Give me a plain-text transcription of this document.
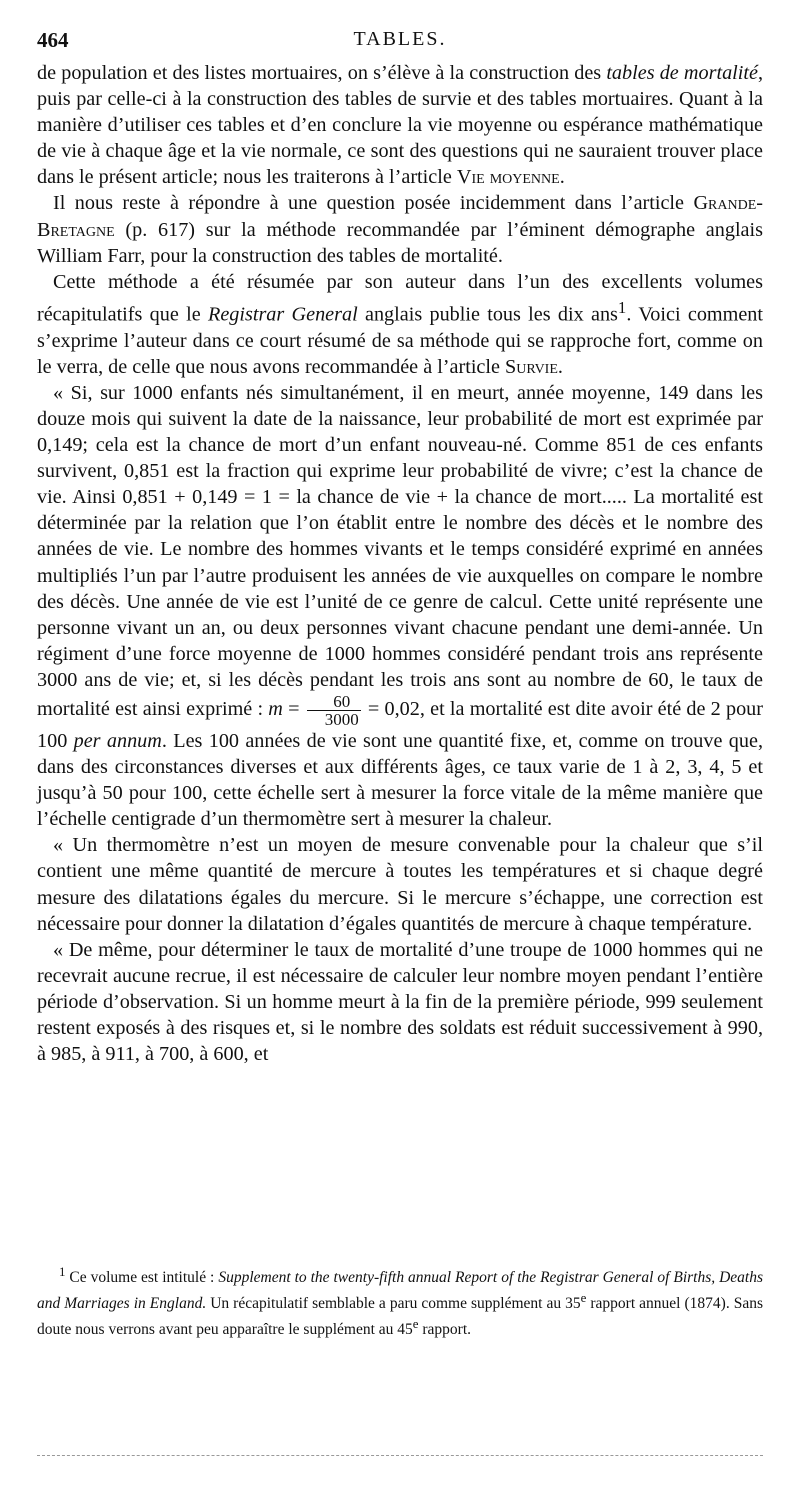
464	TABLES.

de population et des listes mortuaires, on s’élève à la construction des tables de mortalité, puis par celle-ci à la construction des tables de survie et des tables mortuaires. Quant à la manière d’utiliser ces tables et d’en conclure la vie moyenne ou espérance mathématique de vie à chaque âge et la vie normale, ce sont des questions qui ne sauraient trouver place dans le présent article; nous les traiterons à l’article Vie moyenne.

Il nous reste à répondre à une question posée incidemment dans l’article Grande-Bretagne (p. 617) sur la méthode recommandée par l’éminent démographe anglais William Farr, pour la construction des tables de mortalité.

Cette méthode a été résumée par son auteur dans l’un des excellents volumes récapitulatifs que le Registrar General anglais publie tous les dix ans$^1$. Voici comment s’exprime l’auteur dans ce court résumé de sa méthode qui se rapproche fort, comme on le verra, de celle que nous avons recommandée à l’article Survie.

« Si, sur 1000 enfants nés simultanément, il en meurt, année moyenne, 149 dans les douze mois qui suivent la date de la naissance, leur probabilité de mort est exprimée par 0,149; cela est la chance de mort d’un enfant nouveau-né. Comme 851 de ces enfants survivent, 0,851 est la fraction qui exprime leur probabilité de vivre; c’est la chance de vie. Ainsi 0,851 + 0,149 = 1 = la chance de vie + la chance de mort..... La mortalité est déterminée par la relation que l’on établit entre le nombre des décès et le nombre des années de vie. Le nombre des hommes vivants et le temps considéré exprimé en années multipliés l’un par l’autre produisent les années de vie auxquelles on compare le nombre des décès. Une année de vie est l’unité de ce genre de calcul. Cette unité représente une personne vivant un an, ou deux personnes vivant chacune pendant une demi-année. Un régiment d’une force moyenne de 1000 hommes considéré pendant trois ans représente 3000 ans de vie; et, si les décès pendant les trois ans sont au nombre de 60, le taux de mortalité est ainsi exprimé : $m = \frac{60}{3000} = 0,02$, et la mortalité est dite avoir été de 2 pour 100 per annum. Les 100 années de vie sont une quantité fixe, et, comme on trouve que, dans des circonstances diverses et aux différents âges, ce taux varie de 1 à 2, 3, 4, 5 et jusqu’à 50 pour 100, cette échelle sert à mesurer la force vitale de la même manière que l’échelle centigrade d’un thermomètre sert à mesurer la chaleur.

« Un thermomètre n’est un moyen de mesure convenable pour la chaleur que s’il contient une même quantité de mercure à toutes les températures et si chaque degré mesure des dilatations égales du mercure. Si le mercure s’échappe, une correction est nécessaire pour donner la dilatation d’égales quantités de mercure à chaque température.

« De même, pour déterminer le taux de mortalité d’une troupe de 1000 hommes qui ne recevrait aucune recrue, il est nécessaire de calculer leur nombre moyen pendant l’entière période d’observation. Si un homme meurt à la fin de la première période, 999 seulement restent exposés à des risques et, si le nombre des soldats est réduit successivement à 990, à 985, à 911, à 700, à 600, et

$^1$ Ce volume est intitulé : Supplement to the twenty-fifth annual Report of the Registrar General of Births, Deaths and Marriages in England. Un récapitulatif semblable a paru comme supplément au 35e rapport annuel (1874). Sans doute nous verrons avant peu apparaître le supplément au 45e rapport.
